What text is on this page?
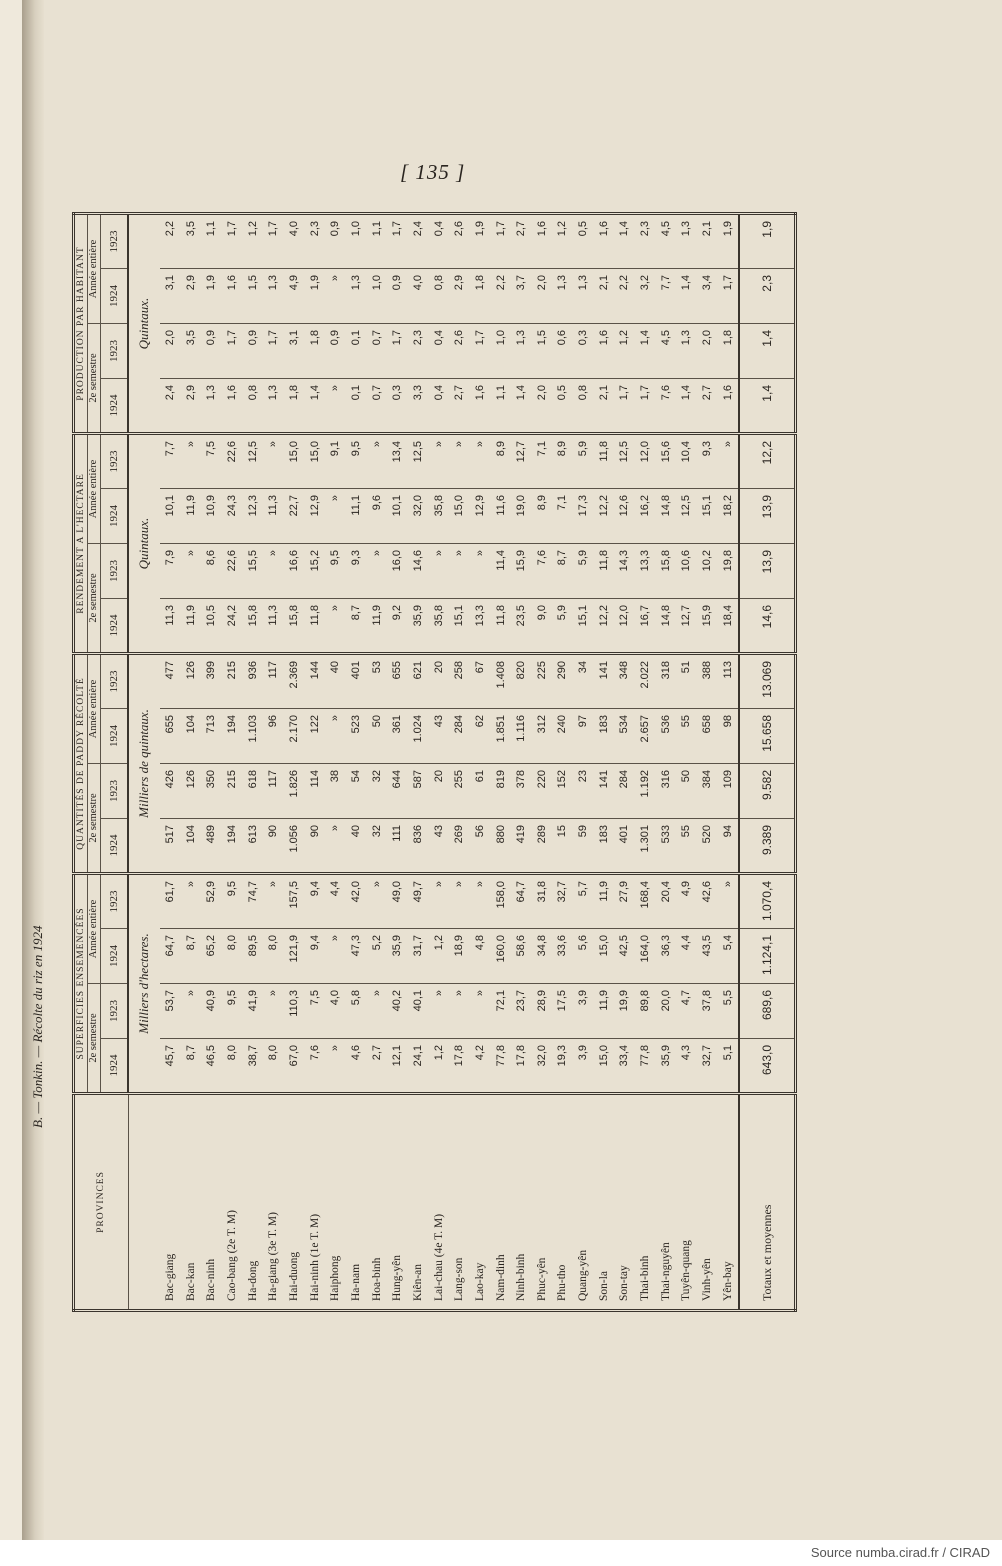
[ 135 ]
B. — Tonkin. — Récolte du riz en 1924
PROVINCES	SUPERFICIES ENSEMENCÉES				QUANTITÉS DE PADDY RÉCOLTÉ				RENDEMENT A L'HECTARE				PRODUCTION PAR HABITANT			
	2e semestre		Année entière		2e semestre		Année entière		2e semestre		Année entière		2e semestre		Année entière	
	1924	1923	1924	1923	1924	1923	1924	1923	1924	1923	1924	1923	1924	1923	1924	1923
	Milliers d'hectares.				Milliers de quintaux.				Quintaux.				Quintaux.			
Bac-giang	45,7	53,7	64,7	61,7	517	426	655	477	11,3	7,9	10,1	7,7	2,4	2,0	3,1	2,2
Bac-kan	8,7	»	8,7	»	104	126	104	126	11,9	»	11,9	»	2,9	3,5	2,9	3,5
Bac-ninh	46,5	40,9	65,2	52,9	489	350	713	399	10,5	8,6	10,9	7,5	1,3	0,9	1,9	1,1
Cao-bang (2e T. M)	8,0	9,5	8,0	9,5	194	215	194	215	24,2	22,6	24,3	22,6	1,6	1,7	1,6	1,7
Ha-dong	38,7	41,9	89,5	74,7	613	618	1.103	936	15,8	15,5	12,3	12,5	0,8	0,9	1,5	1,2
Ha-giang (3e T. M)	8,0	»	8,0	»	90	117	96	117	11,3	»	11,3	»	1,3	1,7	1,3	1,7
Hai-duong	67,0	110,3	121,9	157,5	1.056	1.826	2.170	2.369	15,8	16,6	22,7	15,0	1,8	3,1	4,9	4,0
Hai-ninh (1e T. M)	7,6	7,5	9,4	9,4	90	114	122	144	11,8	15,2	12,9	15,0	1,4	1,8	1,9	2,3
Haiphong	»	4,0	»	4,4	»	38	»	40	»	9,5	»	9,1	»	0,9	»	0,9
Ha-nam	4,6	5,8	47,3	42,0	40	54	523	401	8,7	9,3	11,1	9,5	0,1	0,1	1,3	1,0
Hoa-binh	2,7	»	5,2	»	32	32	50	53	11,9	»	9,6	»	0,7	0,7	1,0	1,1
Hung-yên	12,1	40,2	35,9	49,0	111	644	361	655	9,2	16,0	10,1	13,4	0,3	1,7	0,9	1,7
Kiên-an	24,1	40,1	31,7	49,7	836	587	1.024	621	35,9	14,6	32,0	12,5	3,3	2,3	4,0	2,4
Lai-chau (4e T. M)	1,2	»	1,2	»	43	20	43	20	35,8	»	35,8	»	0,4	0,4	0,8	0,4
Lang-son	17,8	»	18,9	»	269	255	284	258	15,1	»	15,0	»	2,7	2,6	2,9	2,6
Lao-kay	4,2	»	4,8	»	56	61	62	67	13,3	»	12,9	»	1,6	1,7	1,8	1,9
Nam-dinh	77,8	72,1	160,0	158,0	880	819	1.851	1.408	11,8	11,4	11,6	8,9	1,1	1,0	2,2	1,7
Ninh-binh	17,8	23,7	58,6	64,7	419	378	1.116	820	23,5	15,9	19,0	12,7	1,4	1,3	3,7	2,7
Phuc-yên	32,0	28,9	34,8	31,8	289	220	312	225	9,0	7,6	8,9	7,1	2,0	1,5	2,0	1,6
Phu-tho	19,3	17,5	33,6	32,7	15	152	240	290	5,9	8,7	7,1	8,9	0,5	0,6	1,3	1,2
Quang-yên	3,9	3,9	5,6	5,7	59	23	97	34	15,1	5,9	17,3	5,9	0,8	0,3	1,3	0,5
Son-la	15,0	11,9	15,0	11,9	183	141	183	141	12,2	11,8	12,2	11,8	2,1	1,6	2,1	1,6
Son-tay	33,4	19,9	42,5	27,9	401	284	534	348	12,0	14,3	12,6	12,5	1,7	1,2	2,2	1,4
Thai-binh	77,8	89,8	164,0	168,4	1.301	1.192	2.657	2.022	16,7	13,3	16,2	12,0	1,7	1,4	3,2	2,3
Thai-nguyên	35,9	20,0	36,3	20,4	533	316	536	318	14,8	15,8	14,8	15,6	7,6	4,5	7,7	4,5
Tuyên-quang	4,3	4,7	4,4	4,9	55	50	55	51	12,7	10,6	12,5	10,4	1,4	1,3	1,4	1,3
Vinh-yên	32,7	37,8	43,5	42,6	520	384	658	388	15,9	10,2	15,1	9,3	2,7	2,0	3,4	2,1
Yên-bay	5,1	5,5	5,4	»	94	109	98	113	18,4	19,8	18,2	»	1,6	1,8	1,7	1,9
Totaux et moyennes	643,0	689,6	1.124,1	1.070,4	9.389	9.582	15.658	13.069	14,6	13,9	13,9	12,2	1,4	1,4	2,3	1,9
Source numba.cirad.fr / CIRAD
